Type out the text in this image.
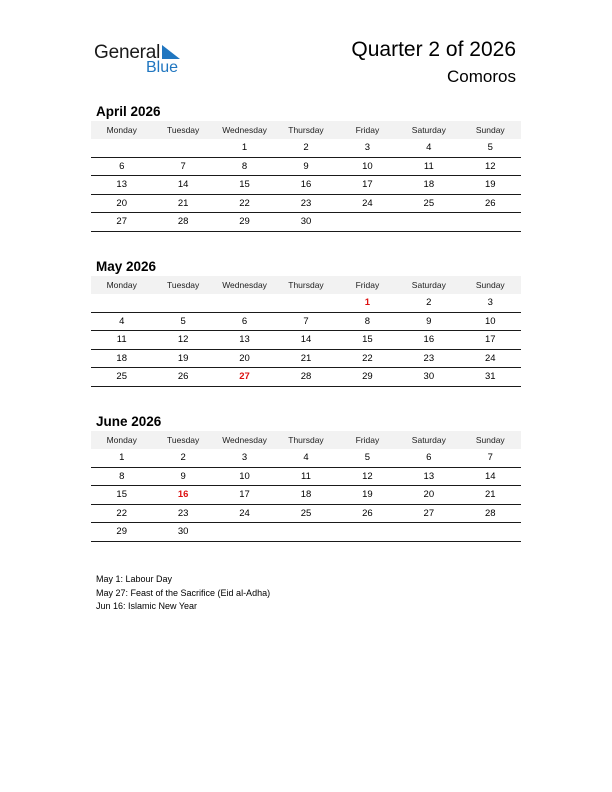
General
Blue
Quarter 2 of 2026
Comoros
April 2026
Monday	Tuesday	Wednesday	Thursday	Friday	Saturday	Sunday
		1	2	3	4	5
6	7	8	9	10	11	12
13	14	15	16	17	18	19
20	21	22	23	24	25	26
27	28	29	30			
May 2026
Monday	Tuesday	Wednesday	Thursday	Friday	Saturday	Sunday
				1	2	3
4	5	6	7	8	9	10
11	12	13	14	15	16	17
18	19	20	21	22	23	24
25	26	27	28	29	30	31
June 2026
Monday	Tuesday	Wednesday	Thursday	Friday	Saturday	Sunday
1	2	3	4	5	6	7
8	9	10	11	12	13	14
15	16	17	18	19	20	21
22	23	24	25	26	27	28
29	30					
May 1: Labour Day
May 27: Feast of the Sacrifice (Eid al-Adha)
Jun 16: Islamic New Year
